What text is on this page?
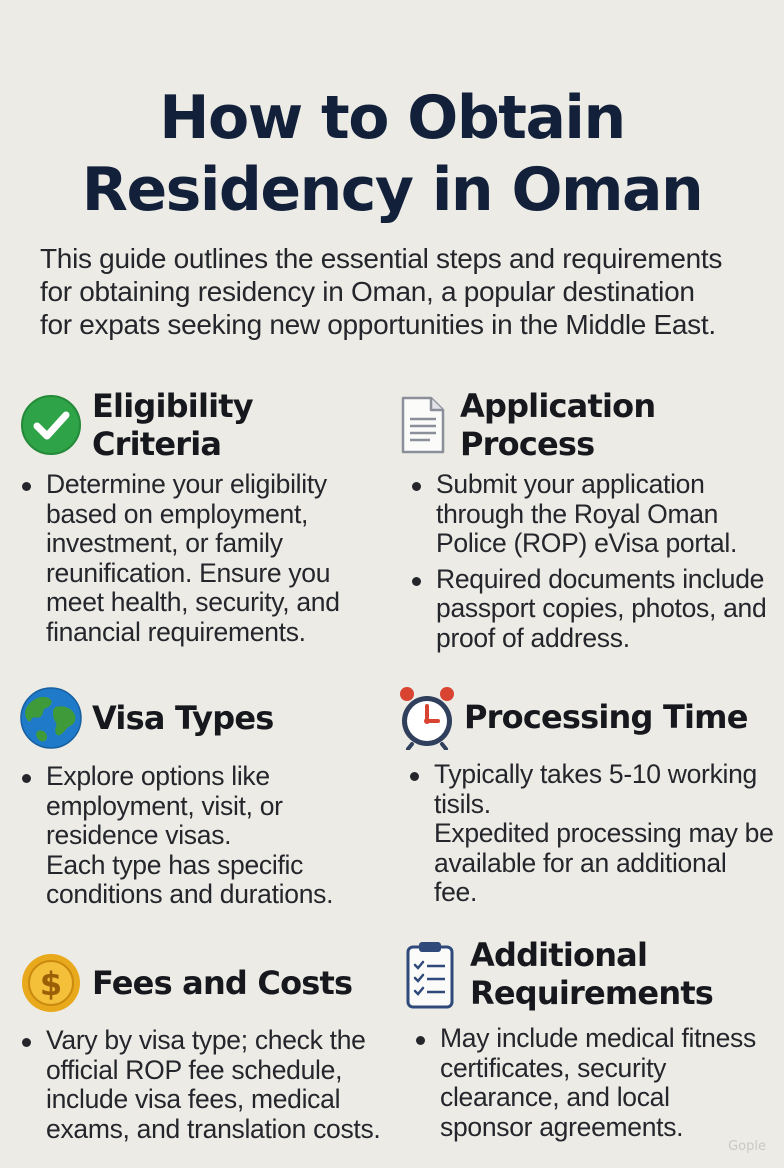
How to Obtain
Residency in Oman
This guide outlines the essential steps and requirements
for obtaining residency in Oman, a popular destination
for expats seeking new opportunities in the Middle East.
Eligibility Criteria
Determine your eligibility
based on employment,
investment, or family
reunification. Ensure you
meet health, security, and
financial requirements.
Application Process
Submit your application
through the Royal Oman
Police (ROP) eVisa portal.
Required documents include
passport copies, photos, and
proof of address.
Visa Types
Explore options like
employment, visit, or
residence visas.
Each type has specific
conditions and durations.
Processing Time
Typically takes 5-10 working
tisils.
Expedited processing may be
available for an additional
fee.
$ Fees and Costs
Vary by visa type; check the
official ROP fee schedule,
include visa fees, medical
exams, and translation costs.
Additional
Requirements
May include medical fitness
certificates, security
clearance, and local
sponsor agreements.
Gople
